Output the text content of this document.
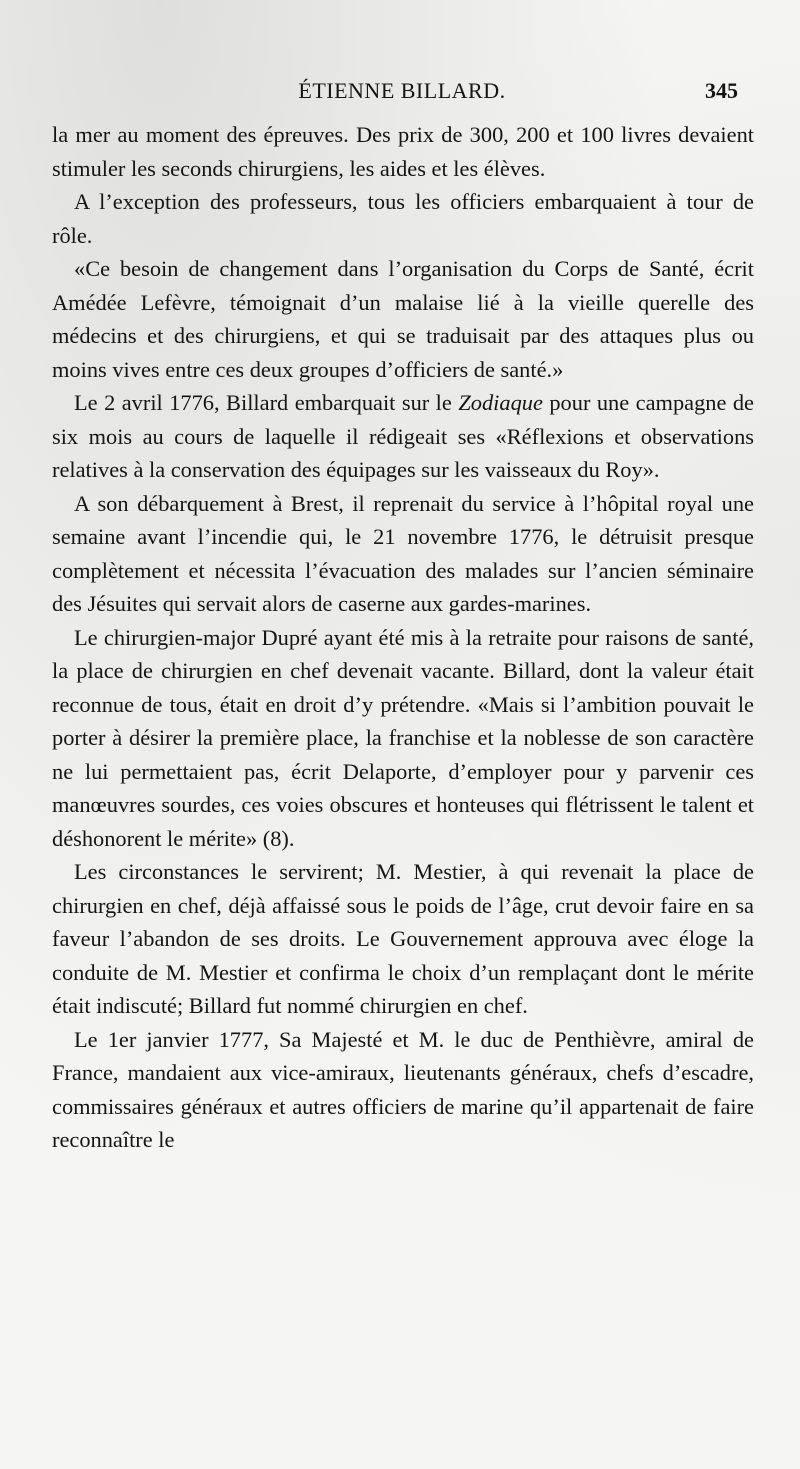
ÉTIENNE BILLARD.	345

la mer au moment des épreuves. Des prix de 300, 200 et 100 livres devaient stimuler les seconds chirurgiens, les aides et les élèves.

A l’exception des professeurs, tous les officiers embarquaient à tour de rôle.

«Ce besoin de changement dans l’organisation du Corps de Santé, écrit Amédée Lefèvre, témoignait d’un malaise lié à la vieille querelle des médecins et des chirurgiens, et qui se traduisait par des attaques plus ou moins vives entre ces deux groupes d’officiers de santé.»

Le 2 avril 1776, Billard embarquait sur le Zodiaque pour une campagne de six mois au cours de laquelle il rédigeait ses «Réflexions et observations relatives à la conservation des équipages sur les vaisseaux du Roy».

A son débarquement à Brest, il reprenait du service à l’hôpital royal une semaine avant l’incendie qui, le 21 novembre 1776, le détruisit presque complètement et nécessita l’évacuation des malades sur l’ancien séminaire des Jésuites qui servait alors de caserne aux gardes-marines.

Le chirurgien-major Dupré ayant été mis à la retraite pour raisons de santé, la place de chirurgien en chef devenait vacante. Billard, dont la valeur était reconnue de tous, était en droit d’y prétendre. «Mais si l’ambition pouvait le porter à désirer la première place, la franchise et la noblesse de son caractère ne lui permettaient pas, écrit Delaporte, d’employer pour y parvenir ces manœuvres sourdes, ces voies obscures et honteuses qui flétrissent le talent et déshonorent le mérite» (8).

Les circonstances le servirent; M. Mestier, à qui revenait la place de chirurgien en chef, déjà affaissé sous le poids de l’âge, crut devoir faire en sa faveur l’abandon de ses droits. Le Gouvernement approuva avec éloge la conduite de M. Mestier et confirma le choix d’un remplaçant dont le mérite était indiscuté; Billard fut nommé chirurgien en chef.

Le 1er janvier 1777, Sa Majesté et M. le duc de Penthièvre, amiral de France, mandaient aux vice-amiraux, lieutenants généraux, chefs d’escadre, commissaires généraux et autres officiers de marine qu’il appartenait de faire reconnaître le
